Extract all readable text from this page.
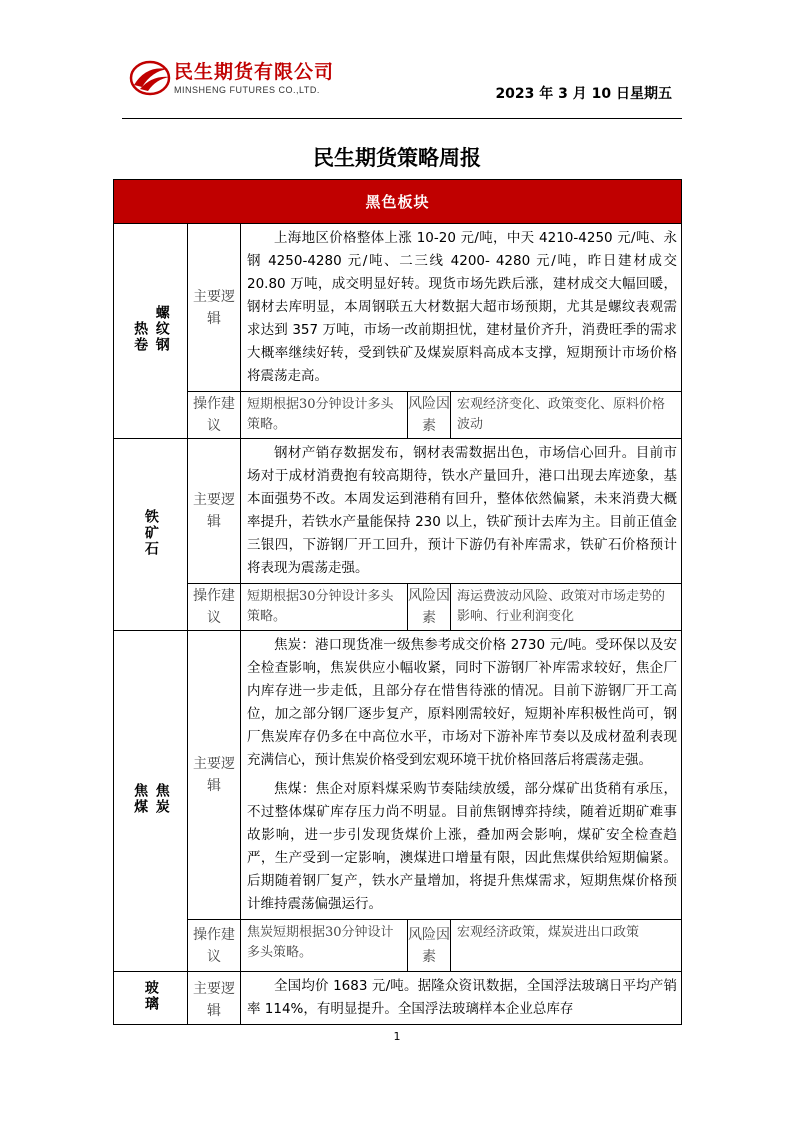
民生期货有限公司
MINSHENG FUTURES CO.,LTD.	2023 年 3 月 10 日星期五
民生期货策略周报
黑色板块				
热卷 螺纹钢	主要逻辑	上海地区价格整体上涨 10-20 元/吨，中天 4210-4250 元/吨、永钢 4250-4280 元/吨、二三线 4200- 4280 元/吨，昨日建材成交 20.80 万吨，成交明显好转。现货市场先跌后涨，建材成交大幅回暖，钢材去库明显，本周钢联五大材数据大超市场预期，尤其是螺纹表观需求达到 357 万吨，市场一改前期担忧，建材量价齐升，消费旺季的需求大概率继续好转，受到铁矿及煤炭原料高成本支撑，短期预计市场价格将震荡走高。		

	操作建议	短期根据30分钟设计多头策略。	风险因素	宏观经济变化、政策变化、原料价格波动
铁矿石	主要逻辑	钢材产销存数据发布，钢材表需数据出色，市场信心回升。目前市场对于成材消费抱有较高期待，铁水产量回升，港口出现去库迹象，基本面强势不改。本周发运到港稍有回升，整体依然偏紧，未来消费大概率提升，若铁水产量能保持 230 以上，铁矿预计去库为主。目前正值金三银四，下游钢厂开工回升，预计下游仍有补库需求，铁矿石价格预计将表现为震荡走强。		

	操作建议	短期根据30分钟设计多头策略。	风险因素	海运费波动风险、政策对市场走势的影响、行业利润变化
焦煤 焦炭	主要逻辑	焦炭：港口现货准一级焦参考成交价格 2730 元/吨。受环保以及安全检查影响，焦炭供应小幅收紧，同时下游钢厂补库需求较好，焦企厂内库存进一步走低，且部分存在惜售待涨的情况。目前下游钢厂开工高位，加之部分钢厂逐步复产，原料刚需较好，短期补库积极性尚可，钢厂焦炭库存仍多在中高位水平，市场对下游补库节奏以及成材盈利表现充满信心，预计焦炭价格受到宏观环境干扰价格回落后将震荡走强。

焦煤：焦企对原料煤采购节奏陆续放缓，部分煤矿出货稍有承压，不过整体煤矿库存压力尚不明显。目前焦钢博弈持续，随着近期矿难事故影响，进一步引发现货煤价上涨，叠加两会影响，煤矿安全检查趋严，生产受到一定影响，澳煤进口增量有限，因此焦煤供给短期偏紧。后期随着钢厂复产，铁水产量增加，将提升焦煤需求，短期焦煤价格预计维持震荡偏强运行。		

	操作建议	焦炭短期根据30分钟设计多头策略。	风险因素	宏观经济政策，煤炭进出口政策
玻璃	主要逻辑	全国均价 1683 元/吨。据隆众资讯数据，全国浮法玻璃日平均产销率 114%，有明显提升。全国浮法玻璃样本企业总库存		

1
